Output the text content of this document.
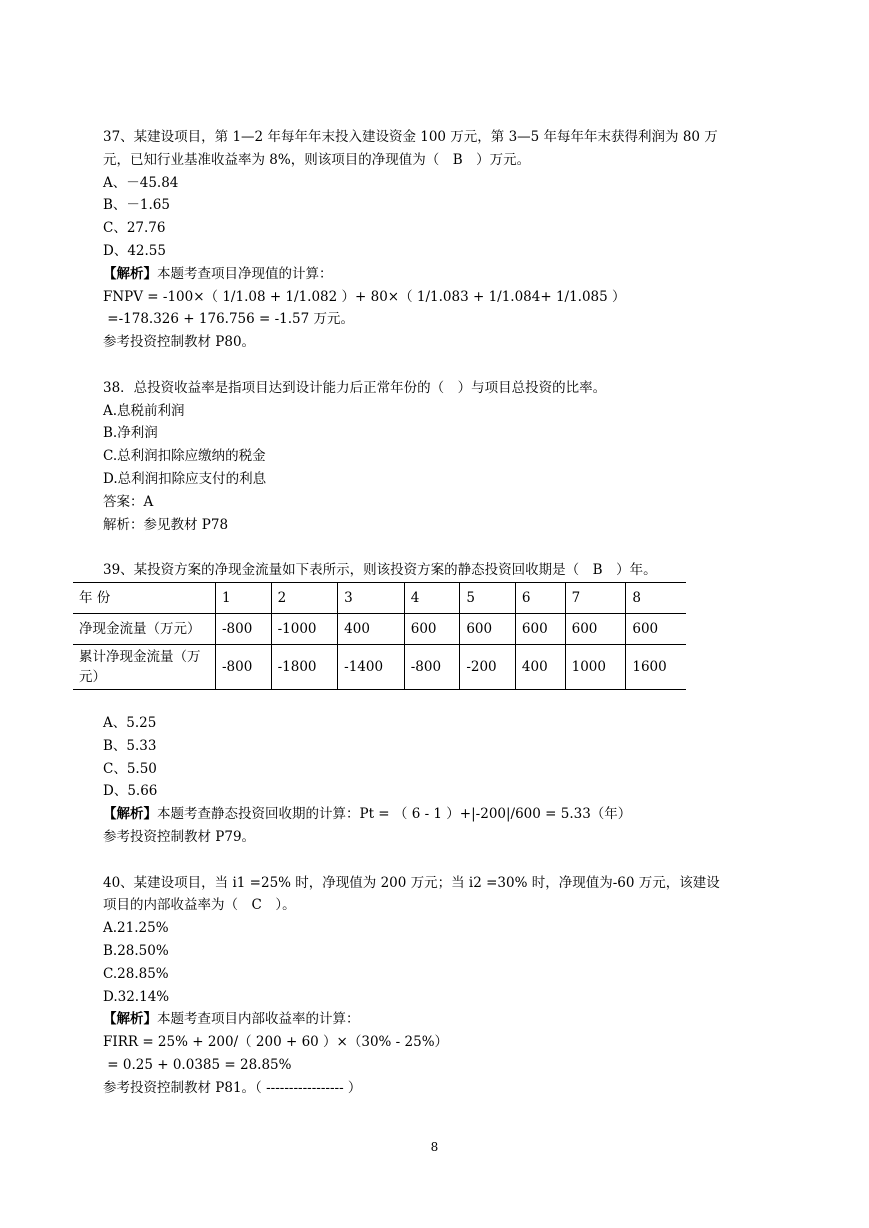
37、某建设项目，第 1—2 年每年年末投入建设资金 100 万元，第 3—5 年每年年末获得利润为 80 万
元，已知行业基准收益率为 8%，则该项目的净现值为（　B　）万元。
A、－45.84
B、－1.65
C、27.76
D、42.55
【解析】本题考查项目净现值的计算：
FNPV = -100×（ 1/1.08 + 1/1.082 ）+ 80×（ 1/1.083 + 1/1.084+ 1/1.085 ）
=-178.326 + 176.756 = -1.57 万元。
参考投资控制教材 P80。
38．总投资收益率是指项目达到设计能力后正常年份的（　）与项目总投资的比率。
A.息税前利润
B.净利润
C.总利润扣除应缴纳的税金
D.总利润扣除应支付的利息
答案：A
解析：参见教材 P78
39、某投资方案的净现金流量如下表所示，则该投资方案的静态投资回收期是（　B　）年。
年 份	1	2	3	4	5	6	7	8
净现金流量（万元）	-800	-1000	400	600	600	600	600	600
累计净现金流量（万元）	-800	-1800	-1400	-800	-200	400	1000	1600
A、5.25
B、5.33
C、5.50
D、5.66
【解析】本题考查静态投资回收期的计算：Pt = （ 6 - 1 ）+|-200|/600 = 5.33（年）
参考投资控制教材 P79。
40、某建设项目，当 i1 =25% 时，净现值为 200 万元；当 i2 =30% 时，净现值为-60 万元，该建设
项目的内部收益率为（　C　）。
A.21.25%
B.28.50%
C.28.85%
D.32.14%
【解析】本题考查项目内部收益率的计算：
FIRR = 25% + 200/（ 200 + 60 ）×（30% - 25%）
= 0.25 + 0.0385 = 28.85%
参考投资控制教材 P81。（ ----------------- ）
8
